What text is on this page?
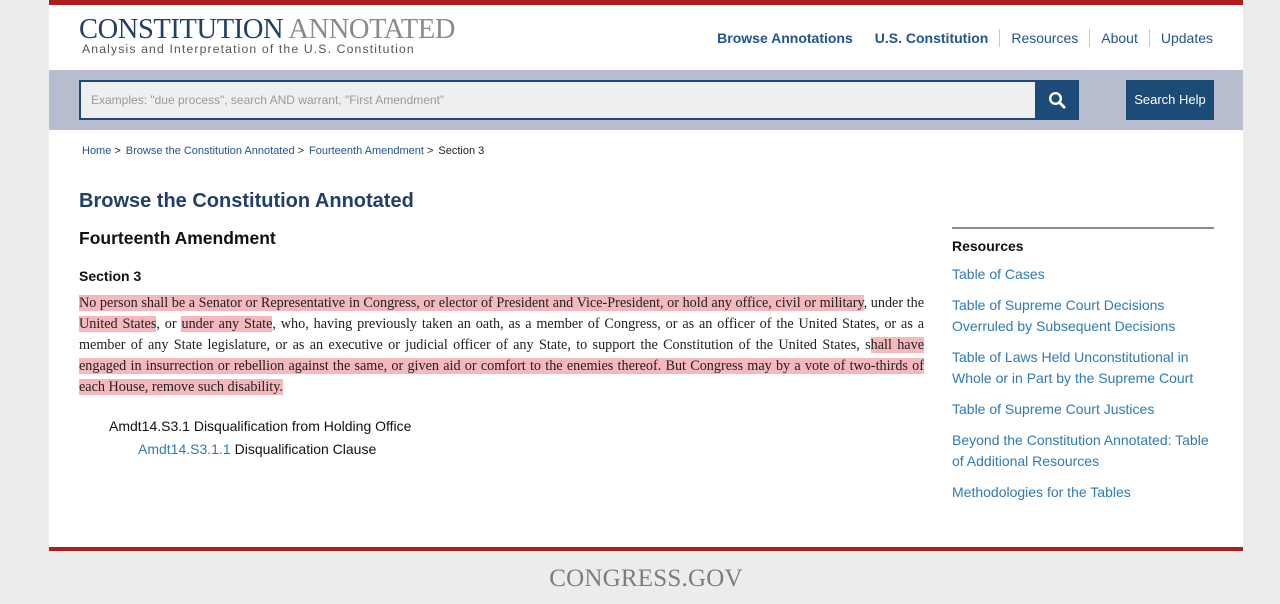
CONSTITUTION ANNOTATED
Analysis and Interpretation of the U.S. Constitution
Browse Annotations	U.S. Constitution	Resources	About	Updates
Examples: "due process", search AND warrant, "First Amendment"
Search Help
Home > Browse the Constitution Annotated > Fourteenth Amendment > Section 3
Browse the Constitution Annotated
Fourteenth Amendment
Section 3

No person shall be a Senator or Representative in Congress, or elector of President and Vice-President, or hold any office, civil or military, under the United States, or under any State, who, having previously taken an oath, as a member of Congress, or as an officer of the United States, or as a member of any State legislature, or as an executive or judicial officer of any State, to support the Constitution of the United States, shall have engaged in insurrection or rebellion against the same, or given aid or comfort to the enemies thereof. But Congress may by a vote of two-thirds of each House, remove such disability.

Amdt14.S3.1 Disqualification from Holding Office
Amdt14.S3.1.1 Disqualification Clause
Resources
Table of Cases
Table of Supreme Court Decisions Overruled by Subsequent Decisions
Table of Laws Held Unconstitutional in Whole or in Part by the Supreme Court
Table of Supreme Court Justices
Beyond the Constitution Annotated: Table of Additional Resources
Methodologies for the Tables
CONGRESS.GOV
